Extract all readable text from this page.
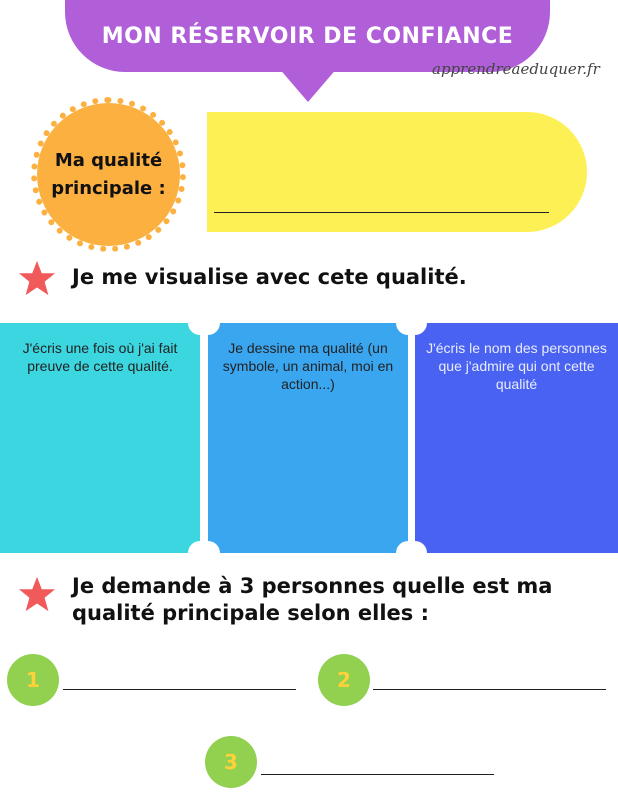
MON RÉSERVOIR DE CONFIANCE
apprendreaeduquer.fr
Ma qualité
principale :
Je me visualise avec cete qualité.
J'écris une fois où j'ai fait preuve de cette qualité.
Je dessine ma qualité (un symbole, un animal, moi en action...)
J'écris le nom des personnes que j'admire qui ont cette qualité
Je demande à 3 personnes quelle est ma
qualité principale selon elles :
1	2
3
